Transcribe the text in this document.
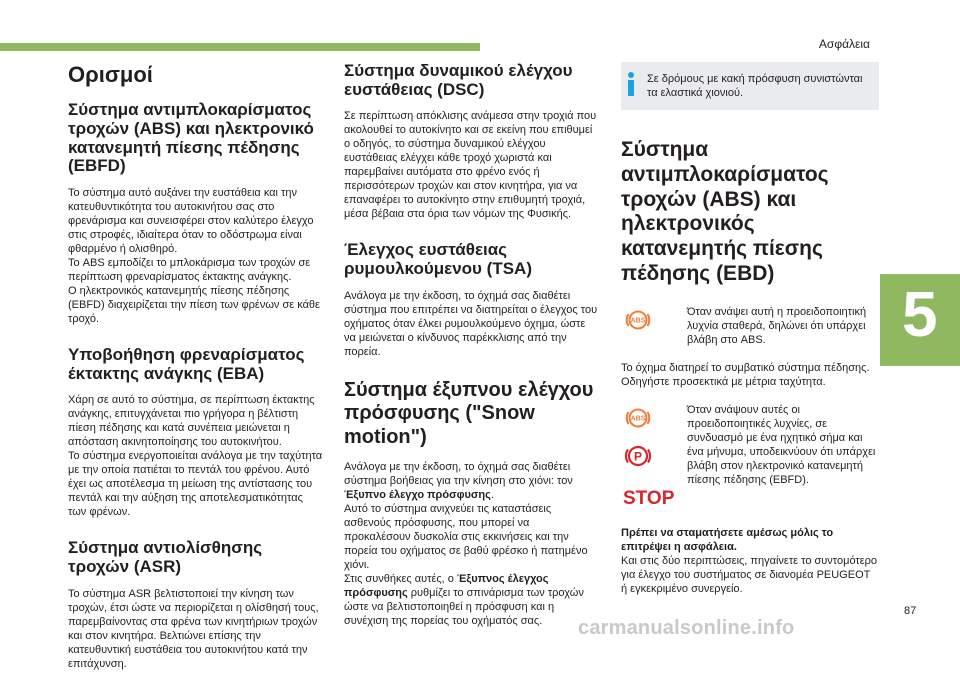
Ασφάλεια
5
Ορισμοί
Σύστημα αντιμπλοκαρίσματος τροχών (ABS) και ηλεκτρονικό κατανεμητή πίεσης πέδησης (EBFD)

Το σύστημα αυτό αυξάνει την ευστάθεια και την κατευθυντικότητα του αυτοκινήτου σας στο φρενάρισμα και συνεισφέρει στον καλύτερο έλεγχο στις στροφές, ιδιαίτερα όταν το οδόστρωμα είναι φθαρμένο ή ολισθηρό.
Το ABS εμποδίζει το μπλοκάρισμα των τροχών σε περίπτωση φρεναρίσματος έκτακτης ανάγκης.
Ο ηλεκτρονικός κατανεμητής πίεσης πέδησης (EBFD) διαχειρίζεται την πίεση των φρένων σε κάθε τροχό.

Υποβοήθηση φρεναρίσματος έκτακτης ανάγκης (EBA)

Χάρη σε αυτό το σύστημα, σε περίπτωση έκτακτης ανάγκης, επιτυγχάνεται πιο γρήγορα η βέλτιστη πίεση πέδησης και κατά συνέπεια μειώνεται η απόσταση ακινητοποίησης του αυτοκινήτου.
Το σύστημα ενεργοποιείται ανάλογα με την ταχύτητα με την οποία πατιέται το πεντάλ του φρένου. Αυτό έχει ως αποτέλεσμα τη μείωση της αντίστασης του πεντάλ και την αύξηση της αποτελεσματικότητας των φρένων.

Σύστημα αντιολίσθησης τροχών (ASR)

Το σύστημα ASR βελτιστοποιεί την κίνηση των τροχών, έτσι ώστε να περιορίζεται η ολίσθησή τους, παρεμβαίνοντας στα φρένα των κινητήριων τροχών και στον κινητήρα. Βελτιώνει επίσης την κατευθυντική ευστάθεια του αυτοκινήτου κατά την επιτάχυνση.

Σύστημα δυναμικού ελέγχου ευστάθειας (DSC)

Σε περίπτωση απόκλισης ανάμεσα στην τροχιά που ακολουθεί το αυτοκίνητο και σε εκείνη που επιθυμεί ο οδηγός, το σύστημα δυναμικού ελέγχου ευστάθειας ελέγχει κάθε τροχό χωριστά και παρεμβαίνει αυτόματα στο φρένο ενός ή περισσότερων τροχών και στον κινητήρα, για να επαναφέρει το αυτοκίνητο στην επιθυμητή τροχιά, μέσα βέβαια στα όρια των νόμων της Φυσικής.

Έλεγχος ευστάθειας ρυμουλκούμενου (TSA)

Ανάλογα με την έκδοση, το όχημά σας διαθέτει σύστημα που επιτρέπει να διατηρείται ο έλεγχος του οχήματος όταν έλκει ρυμουλκούμενο όχημα, ώστε να μειώνεται ο κίνδυνος παρέκκλισης από την πορεία.

Σύστημα έξυπνου ελέγχου πρόσφυσης ("Snow motion")

Ανάλογα με την έκδοση, το όχημά σας διαθέτει σύστημα βοήθειας για την κίνηση στο χιόνι: τον Έξυπνο έλεγχο πρόσφυσης.
Αυτό το σύστημα ανιχνεύει τις καταστάσεις ασθενούς πρόσφυσης, που μπορεί να προκαλέσουν δυσκολία στις εκκινήσεις και την πορεία του οχήματος σε βαθύ φρέσκο ή πατημένο χιόνι.
Στις συνθήκες αυτές, ο Έξυπνος έλεγχος πρόσφυσης ρυθμίζει το σπινάρισμα των τροχών ώστε να βελτιστοποιηθεί η πρόσφυση και η συνέχιση της πορείας του οχήματός σας.

Σε δρόμους με κακή πρόσφυση συνιστώνται τα ελαστικά χιονιού.

Σύστημα αντιμπλοκαρίσματος τροχών (ABS) και ηλεκτρονικός κατανεμητής πίεσης πέδησης (EBD)
ABS

Όταν ανάψει αυτή η προειδοποιητική λυχνία σταθερά, δηλώνει ότι υπάρχει βλάβη στο ABS.

Το όχημα διατηρεί το συμβατικό σύστημα πέδησης. Οδηγήστε προσεκτικά με μέτρια ταχύτητα.

ABS

P

STOP

Όταν ανάψουν αυτές οι προειδοποιητικές λυχνίες, σε συνδυασμό με ένα ηχητικό σήμα και ένα μήνυμα, υποδεικνύουν ότι υπάρχει βλάβη στον ηλεκτρονικό κατανεμητή πίεσης πέδησης (EBFD).

Πρέπει να σταματήσετε αμέσως μόλις το επιτρέψει η ασφάλεια.
Και στις δύο περιπτώσεις, πηγαίνετε το συντομότερο για έλεγχο του συστήματος σε διανομέα PEUGEOT ή εγκεκριμένο συνεργείο.

87
carmanualsonline.info
